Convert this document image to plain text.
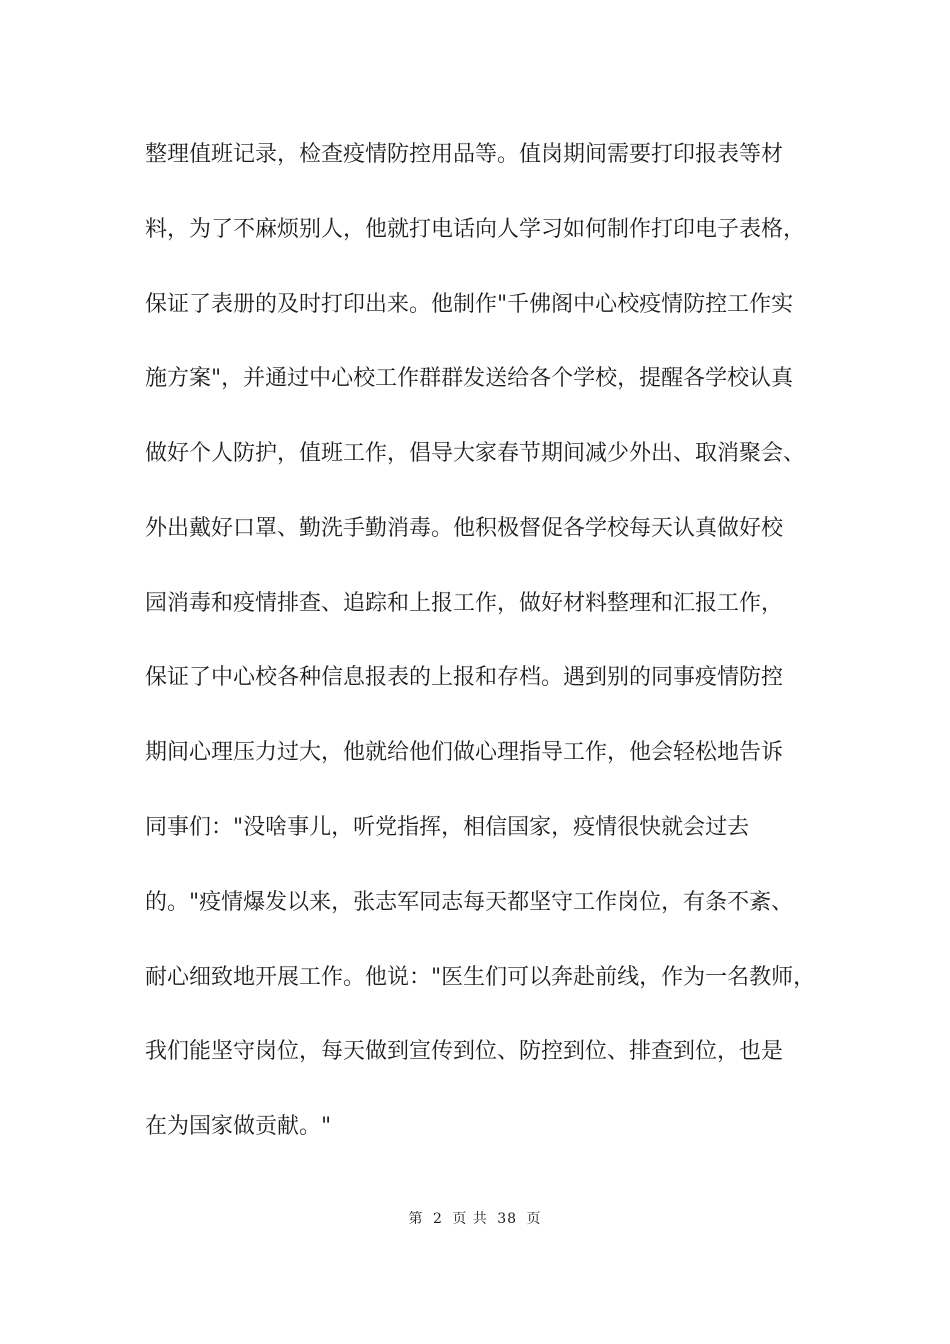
整理值班记录，检查疫情防控用品等。值岗期间需要打印报表等材
料，为了不麻烦别人，他就打电话向人学习如何制作打印电子表格，
保证了表册的及时打印出来。他制作"千佛阁中心校疫情防控工作实
施方案"，并通过中心校工作群群发送给各个学校，提醒各学校认真
做好个人防护，值班工作，倡导大家春节期间减少外出、取消聚会、
外出戴好口罩、勤洗手勤消毒。他积极督促各学校每天认真做好校
园消毒和疫情排查、追踪和上报工作，做好材料整理和汇报工作，
保证了中心校各种信息报表的上报和存档。遇到别的同事疫情防控
期间心理压力过大，他就给他们做心理指导工作，他会轻松地告诉
同事们："没啥事儿，听党指挥，相信国家，疫情很快就会过去
的。"疫情爆发以来，张志军同志每天都坚守工作岗位，有条不紊、
耐心细致地开展工作。他说："医生们可以奔赴前线，作为一名教师，
我们能坚守岗位，每天做到宣传到位、防控到位、排查到位，也是
在为国家做贡献。"
第 2 页 共 38 页
